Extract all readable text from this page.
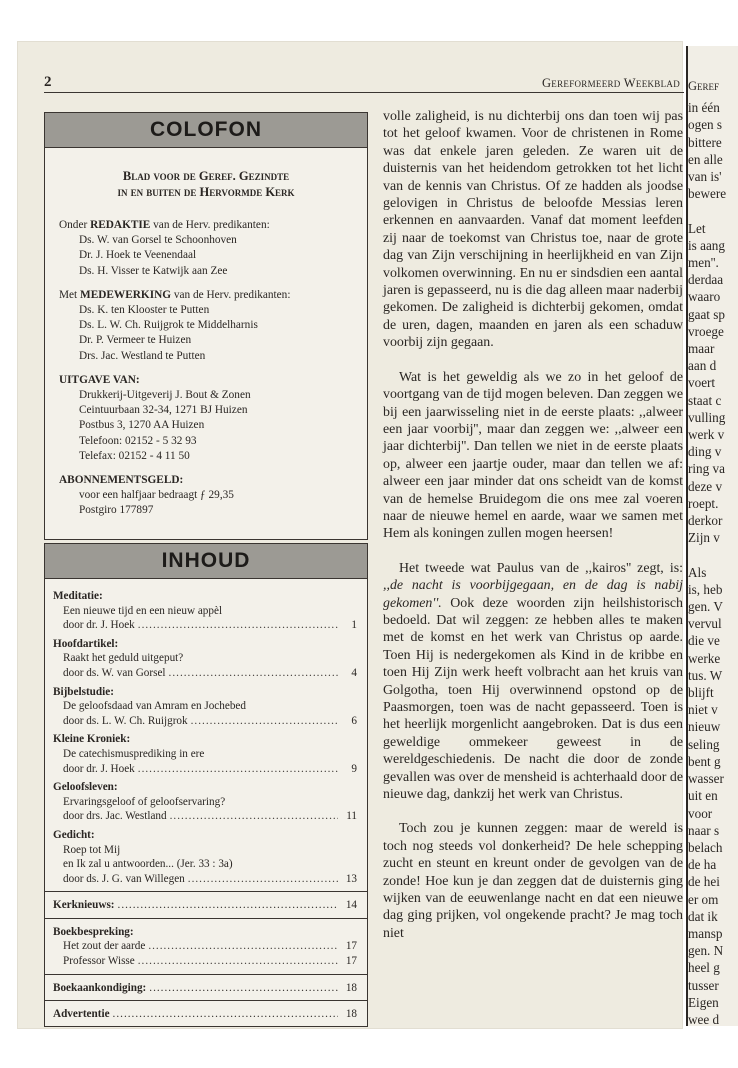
2	Gereformeerd Weekblad
COLOFON
Blad voor de Geref. Gezindte
in en buiten de Hervormde Kerk
Onder REDAKTIE van de Herv. predikanten:
Ds. W. van Gorsel te Schoonhoven
Dr. J. Hoek te Veenendaal
Ds. H. Visser te Katwijk aan Zee
Met MEDEWERKING van de Herv. predikanten:
Ds. K. ten Klooster te Putten
Ds. L. W. Ch. Ruijgrok te Middelharnis
Dr. P. Vermeer te Huizen
Drs. Jac. Westland te Putten
UITGAVE VAN:
Drukkerij-Uitgeverij J. Bout & Zonen
Ceintuurbaan 32-34, 1271 BJ Huizen
Postbus 3, 1270 AA Huizen
Telefoon: 02152 - 5 32 93
Telefax: 02152 - 4 11 50
ABONNEMENTSGELD:
voor een halfjaar bedraagt ƒ 29,35
Postgiro 177897
INHOUD
Meditatie:
Een nieuwe tijd en een nieuw appèl
door dr. J. Hoek .....	1
Hoofdartikel:
Raakt het geduld uitgeput?
door ds. W. van Gorsel .....	4
Bijbelstudie:
De geloofsdaad van Amram en Jochebed
door ds. L. W. Ch. Ruijgrok .....	6
Kleine Kroniek:
De catechismusprediking in ere
door dr. J. Hoek .....	9
Geloofsleven:
Ervaringsgeloof of geloofservaring?
door drs. Jac. Westland .....	11
Gedicht:
Roep tot Mij
en Ik zal u antwoorden... (Jer. 33 : 3a)
door ds. J. G. van Willegen .....	13
Kerknieuws: .....	14
Boekbespreking:
Het zout der aarde .....	17
Professor Wisse .....	17
Boekaankondiging: .....	18
Advertentie .....	18

volle zaligheid, is nu dichterbij ons dan toen wij pas tot het geloof kwamen. Voor de christenen in Rome was dat enkele jaren geleden. Ze waren uit de duisternis van het heidendom getrokken tot het licht van de kennis van Christus. Of ze hadden als joodse gelovigen in Christus de beloofde Messias leren erkennen en aanvaarden. Vanaf dat moment leefden zij naar de toekomst van Christus toe, naar de grote dag van Zijn verschijning in heerlijkheid en van Zijn volkomen overwinning. En nu er sindsdien een aantal jaren is gepasseerd, nu is die dag alleen maar naderbij gekomen. De zaligheid is dichterbij gekomen, omdat de uren, dagen, maanden en jaren als een schaduw voorbij zijn gegaan.

Wat is het geweldig als we zo in het geloof de voortgang van de tijd mogen beleven. Dan zeggen we bij een jaarwisseling niet in de eerste plaats: ,,alweer een jaar voorbij'', maar dan zeggen we: ,,alweer een jaar dichterbij''. Dan tellen we niet in de eerste plaats op, alweer een jaartje ouder, maar dan tellen we af: alweer een jaar minder dat ons scheidt van de komst van de hemelse Bruidegom die ons mee zal voeren naar de nieuwe hemel en aarde, waar we samen met Hem als koningen zullen mogen heersen!

Het tweede wat Paulus van de ,,kairos'' zegt, is: ,,de nacht is voorbijgegaan, en de dag is nabij gekomen''. Ook deze woorden zijn heilshistorisch bedoeld. Dat wil zeggen: ze hebben alles te maken met de komst en het werk van Christus op aarde. Toen Hij is nedergekomen als Kind in de kribbe en toen Hij Zijn werk heeft volbracht aan het kruis van Golgotha, toen Hij overwinnend opstond op de Paasmorgen, toen was de nacht gepasseerd. Toen is het heerlijk morgenlicht aangebroken. Dat is dus een geweldige ommekeer geweest in de wereldgeschiedenis. De nacht die door de zonde gevallen was over de mensheid is achterhaald door de nieuwe dag, dankzij het werk van Christus.

Toch zou je kunnen zeggen: maar de wereld is toch nog steeds vol donkerheid? De hele schepping zucht en steunt en kreunt onder de gevolgen van de zonde! Hoe kun je dan zeggen dat de duisternis ging wijken van de eeuwenlange nacht en dat een nieuwe dag ging prijken, vol ongekende pracht? Je mag toch niet

Geref
in één
ogen s
bittere
en alle
van is'
bewere
Let
is aang
men''.
derdaa
waaro
gaat sp
vroege
maar
aan d
voert
staat c
vulling
werk v
ding v
ring va
deze v
roept.
derkor
Zijn v
Als
is, heb
gen. V
vervul
die ve
werke
tus. W
blijft
niet v
nieuw
seling
bent g
wasser
uit en
voor
naar s
belach
de ha
de hei
er om
dat ik
mansp
gen. N
heel g
tusser
Eigen
wee d
